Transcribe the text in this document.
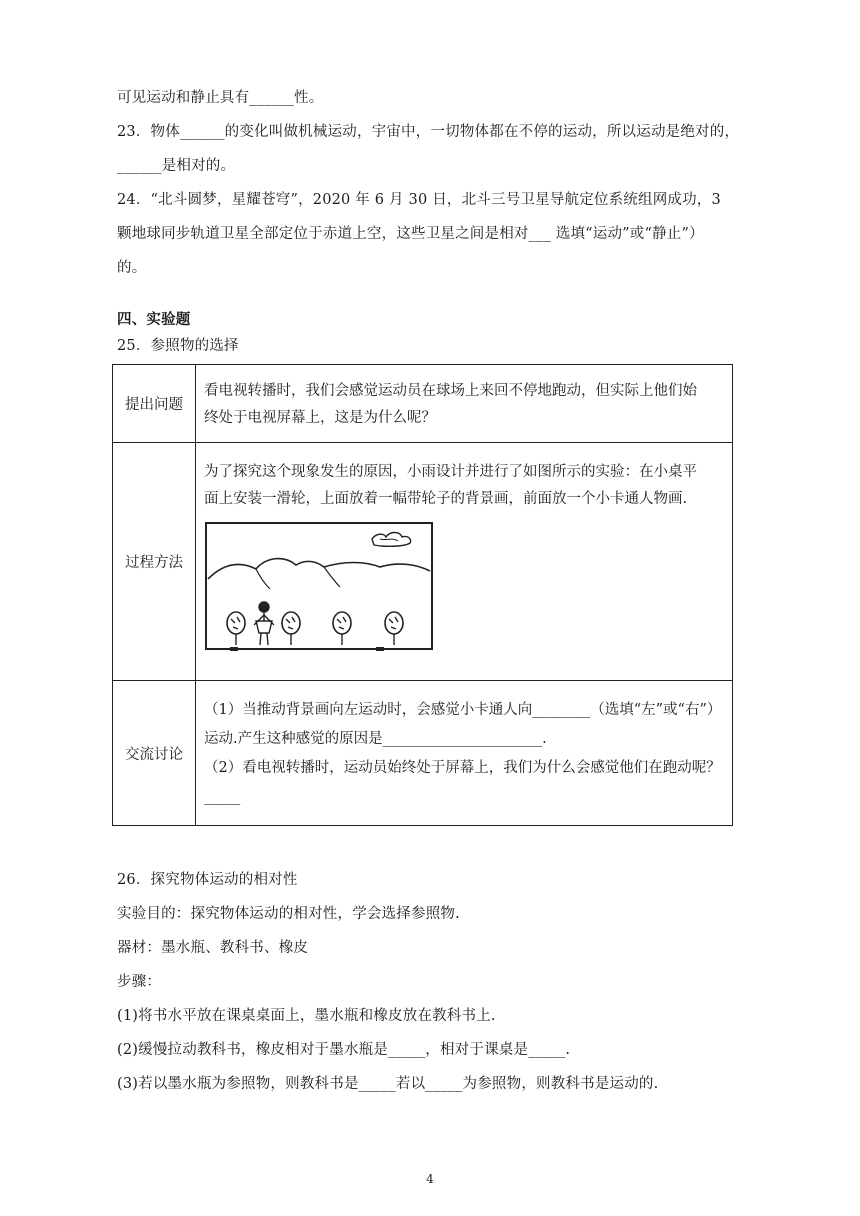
可见运动和静止具有______性。
23．物体______的变化叫做机械运动，宇宙中，一切物体都在不停的运动，所以运动是绝对的，
______是相对的。
24．“北斗圆梦，星耀苍穹”，2020 年 6 月 30 日，北斗三号卫星导航定位系统组网成功，3
颗地球同步轨道卫星全部定位于赤道上空，这些卫星之间是相对___ 选填“运动”或“静止”）
的。
四、实验题
25．参照物的选择
提出问题	看电视转播时，我们会感觉运动员在球场上来回不停地跑动，但实际上他们始
终处于电视屏幕上，这是为什么呢？

过程方法	为了探究这个现象发生的原因，小雨设计并进行了如图所示的实验：在小桌平
面上安装一滑轮，上面放着一幅带轮子的背景画，前面放一个小卡通人物画.

交流讨论	（1）当推动背景画向左运动时，会感觉小卡通人向________（选填“左”或“右”）
运动.产生这种感觉的原因是______________________.
（2）看电视转播时，运动员始终处于屏幕上，我们为什么会感觉他们在跑动呢？
_____
26．探究物体运动的相对性
实验目的：探究物体运动的相对性，学会选择参照物.
器材：墨水瓶、教科书、橡皮
步骤：
(1)将书水平放在课桌桌面上，墨水瓶和橡皮放在教科书上.
(2)缓慢拉动教科书，橡皮相对于墨水瓶是_____，相对于课桌是_____.
(3)若以墨水瓶为参照物，则教科书是_____若以_____为参照物，则教科书是运动的.
4
